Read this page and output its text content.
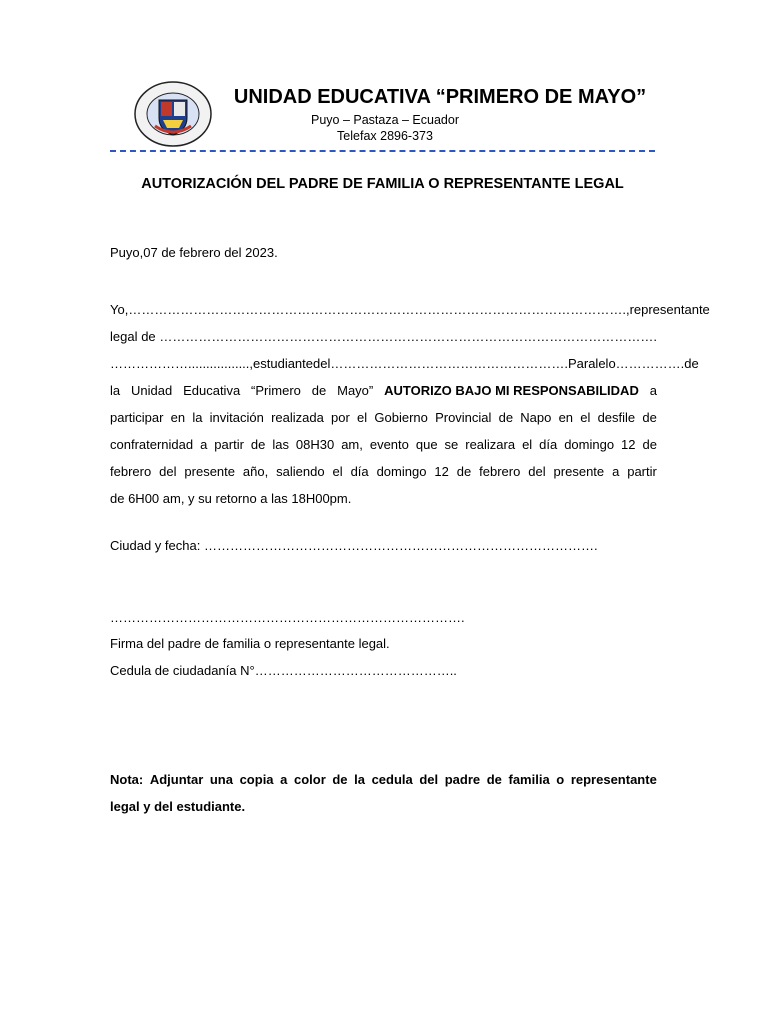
UNIDAD EDUCATIVA “PRIMERO DE MAYO”
Puyo – Pastaza – Ecuador
Telefax 2896-373
AUTORIZACIÓN DEL PADRE DE FAMILIA O REPRESENTANTE LEGAL
Puyo,07 de febrero del 2023.
Yo, ……………………………………………………………………………………………………., representante
legal de …………………………………………………………………………………………………….
………………................., estudiante del……………………………………………….Paralelo…………….de
la Unidad Educativa “Primero de Mayo” AUTORIZO BAJO MI RESPONSABILIDAD a
participar en la invitación realizada por el Gobierno Provincial de Napo en el desfile de
confraternidad a partir de las 08H30 am, evento que se realizara el día domingo 12 de
febrero del presente año, saliendo el día domingo 12 de febrero del presente a partir
de 6H00 am, y su retorno a las 18H00pm.
Ciudad y fecha: ……………………………………………………………………………….
……………………………………………………………………….
Firma del padre de familia o representante legal.
Cedula de ciudadanía N°………………………………………..
Nota: Adjuntar una copia a color de la cedula del padre de familia o representante
legal y del estudiante.
